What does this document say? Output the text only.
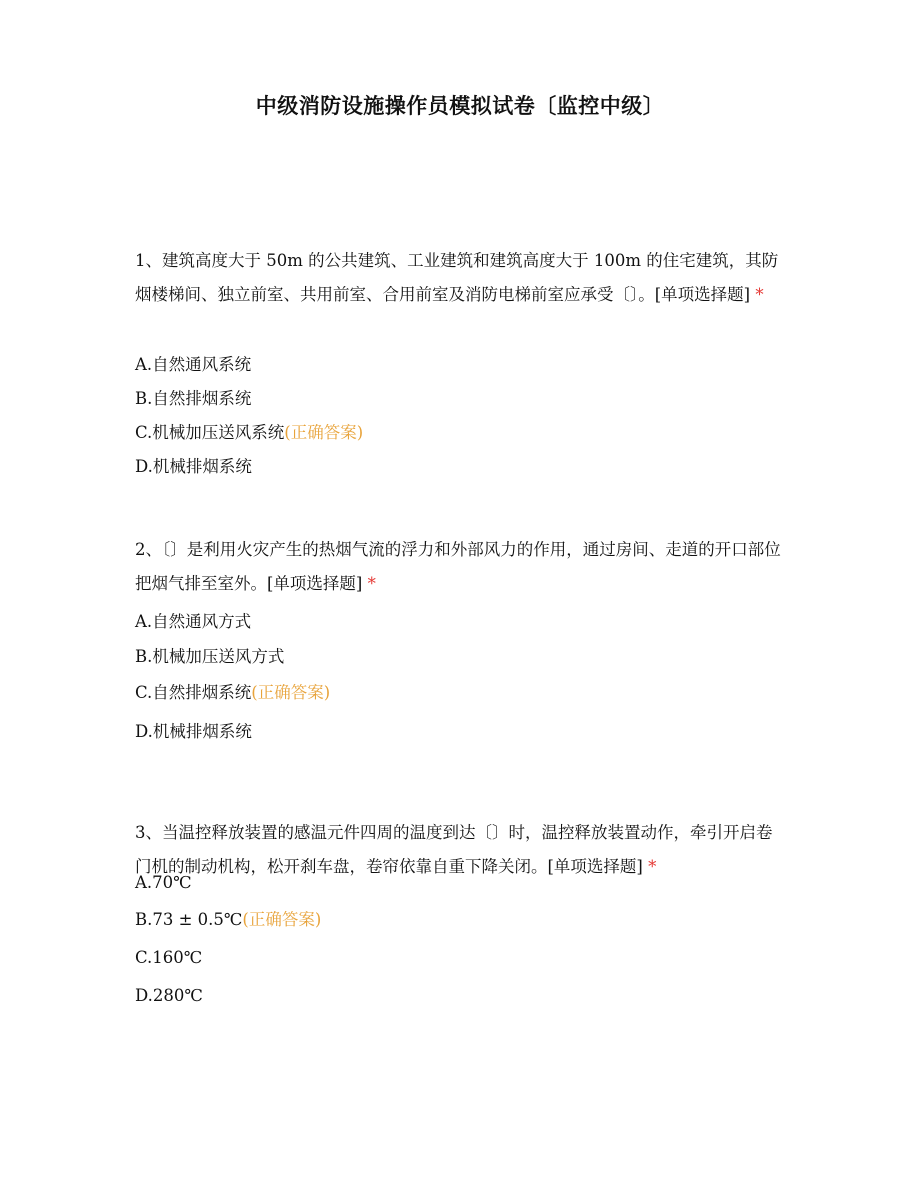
中级消防设施操作员模拟试卷〔监控中级〕

1、建筑高度大于 50m 的公共建筑、工业建筑和建筑高度大于 100m 的住宅建筑，其防烟楼梯间、独立前室、共用前室、合用前室及消防电梯前室应承受〔〕。[单项选择题] *

A.自然通风系统
B.自然排烟系统
C.机械加压送风系统(正确答案)
D.机械排烟系统

2、〔〕是利用火灾产生的热烟气流的浮力和外部风力的作用，通过房间、走道的开口部位把烟气排至室外。[单项选择题] *

A.自然通风方式
B.机械加压送风方式
C.自然排烟系统(正确答案)
D.机械排烟系统

3、当温控释放装置的感温元件四周的温度到达〔〕时，温控释放装置动作，牵引开启卷门机的制动机构，松开刹车盘，卷帘依靠自重下降关闭。[单项选择题] *

A.70℃
B.73 ± 0.5℃(正确答案)
C.160℃
D.280℃
